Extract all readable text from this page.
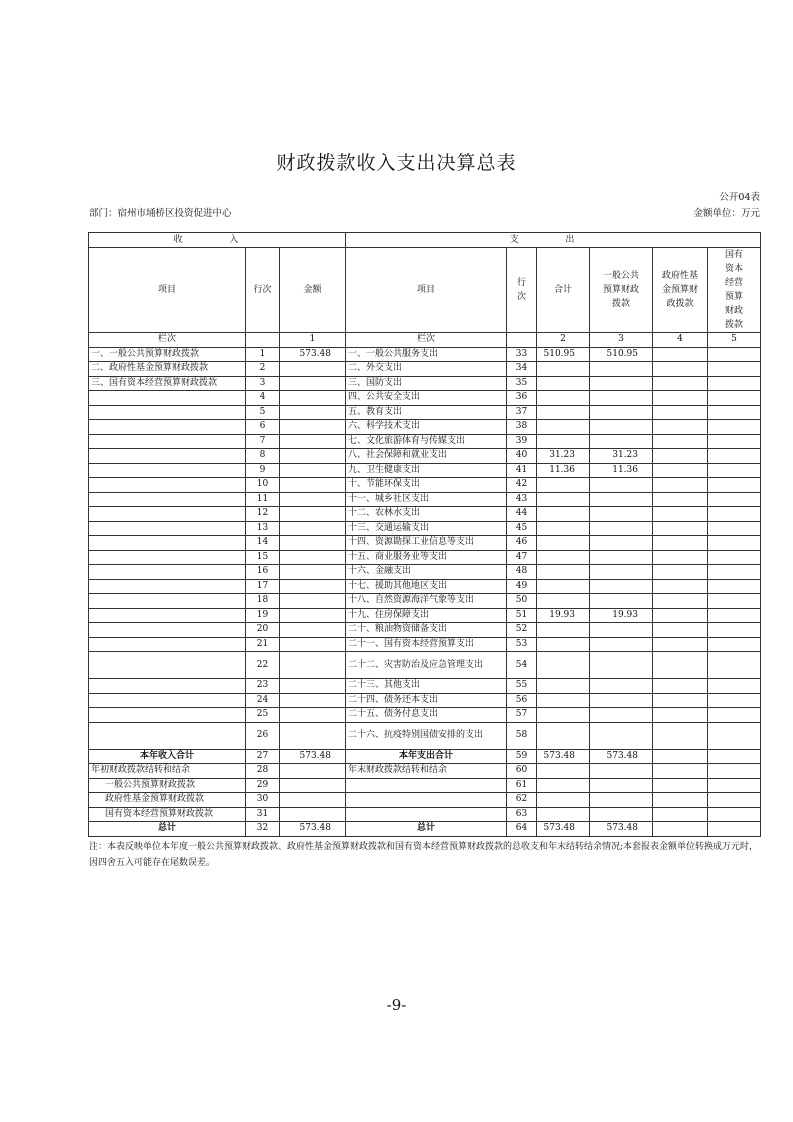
财政拨款收入支出决算总表
公开04表
部门：宿州市埇桥区投资促进中心	金额单位：万元
收 入			支 出					
项目	行次	金额	项目	行次	合计	一般公共预算财政拨款	政府性基金预算财政拨款	国有资本经营预算财政拨款

栏次		1	栏次		2	3	4	5
一、一般公共预算财政拨款	1	573.48	一、一般公共服务支出	33	510.95	510.95		
二、政府性基金预算财政拨款	2		二、外交支出	34				
三、国有资本经营预算财政拨款	3		三、国防支出	35				
	4		四、公共安全支出	36				
	5		五、教育支出	37				
	6		六、科学技术支出	38				
	7		七、文化旅游体育与传媒支出	39				
	8		八、社会保障和就业支出	40	31.23	31.23		
	9		九、卫生健康支出	41	11.36	11.36		
	10		十、节能环保支出	42				
	11		十一、城乡社区支出	43				
	12		十二、农林水支出	44				
	13		十三、交通运输支出	45				
	14		十四、资源勘探工业信息等支出	46				
	15		十五、商业服务业等支出	47				
	16		十六、金融支出	48				
	17		十七、援助其他地区支出	49				
	18		十八、自然资源海洋气象等支出	50				
	19		十九、住房保障支出	51	19.93	19.93		
	20		二十、粮油物资储备支出	52				
	21		二十一、国有资本经营预算支出	53				
	22		二十二、灾害防治及应急管理支出	54				
	23		二十三、其他支出	55				
	24		二十四、债务还本支出	56				
	25		二十五、债务付息支出	57				
	26		二十六、抗疫特别国债安排的支出	58				
本年收入合计	27	573.48	本年支出合计	59	573.48	573.48		
年初财政拨款结转和结余	28		年末财政拨款结转和结余	60				
一般公共预算财政拨款	29			61				
政府性基金预算财政拨款	30			62				
国有资本经营预算财政拨款	31			63				
总计	32	573.48	总计	64	573.48	573.48		
注：本表反映单位本年度一般公共预算财政拨款、政府性基金预算财政拨款和国有资本经营预算财政拨款的总收支和年末结转结余情况;本套报表金额单位转换成万元时，因四舍五入可能存在尾数误差。
-9-
